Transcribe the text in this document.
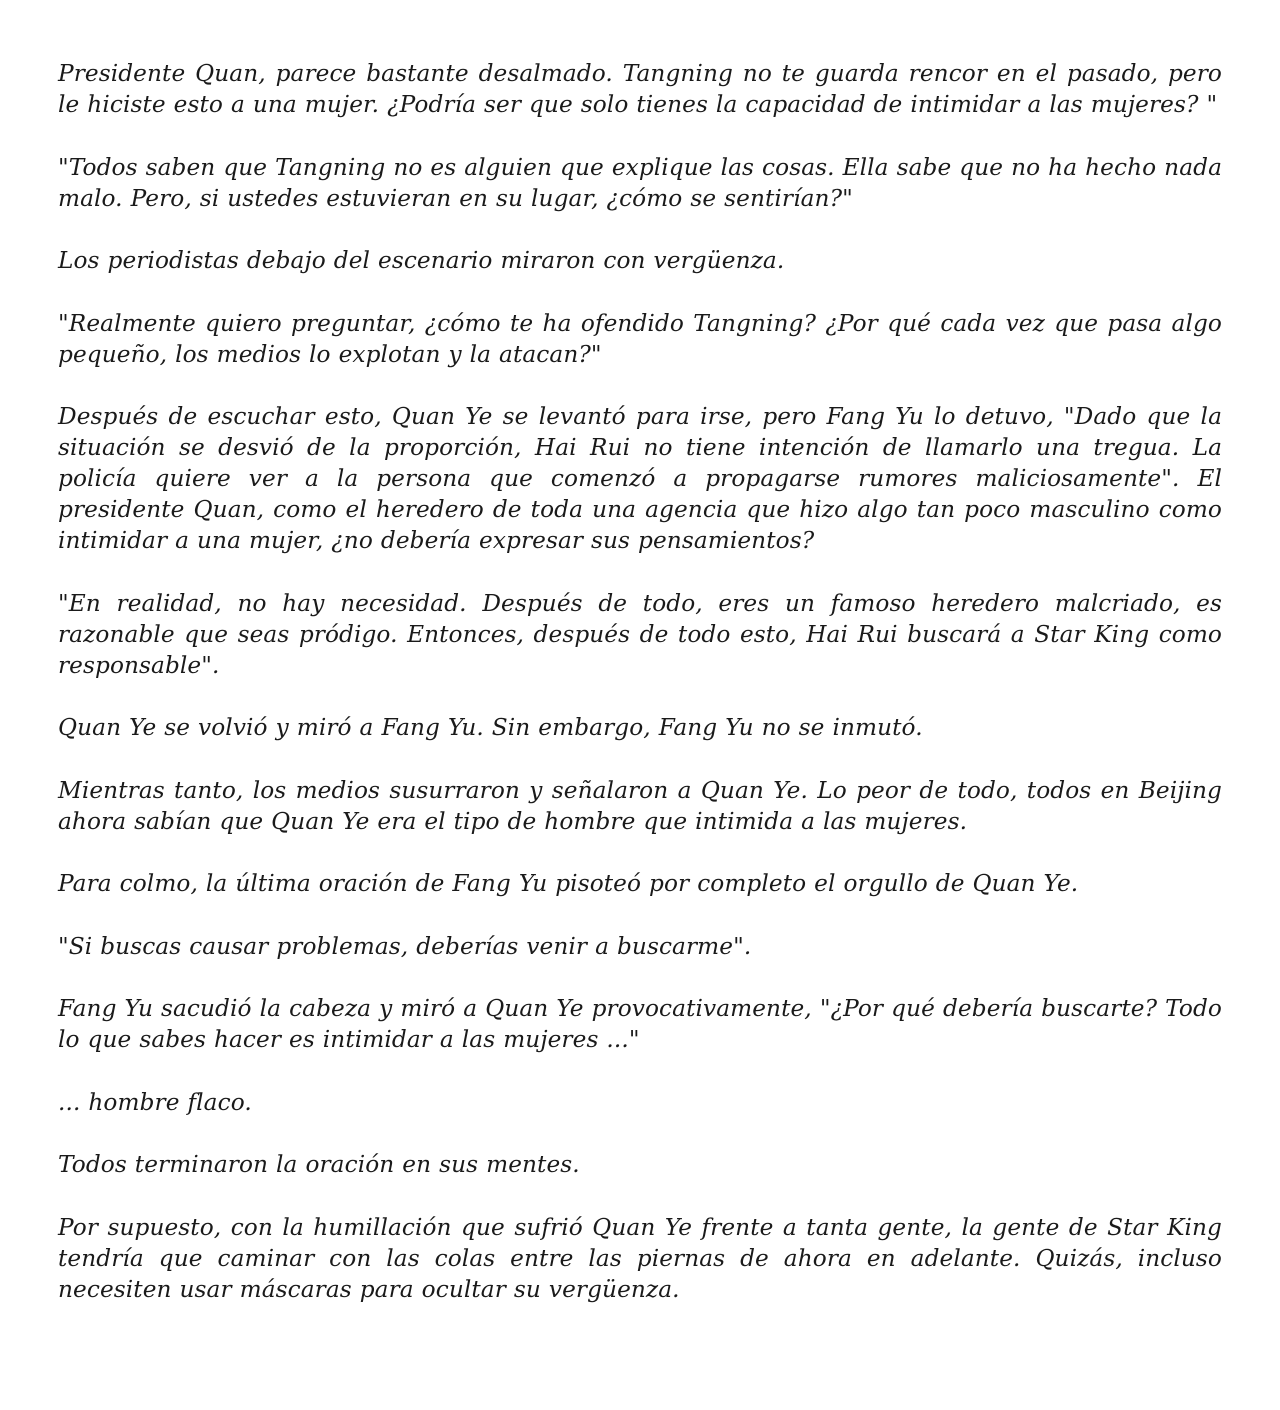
Presidente Quan, parece bastante desalmado. Tangning no te guarda rencor en el pasado, pero le hiciste esto a una mujer. ¿Podría ser que solo tienes la capacidad de intimidar a las mujeres? "

"Todos saben que Tangning no es alguien que explique las cosas. Ella sabe que no ha hecho nada malo. Pero, si ustedes estuvieran en su lugar, ¿cómo se sentirían?"

Los periodistas debajo del escenario miraron con vergüenza.

"Realmente quiero preguntar, ¿cómo te ha ofendido Tangning? ¿Por qué cada vez que pasa algo pequeño, los medios lo explotan y la atacan?"

Después de escuchar esto, Quan Ye se levantó para irse, pero Fang Yu lo detuvo, "Dado que la situación se desvió de la proporción, Hai Rui no tiene intención de llamarlo una tregua. La policía quiere ver a la persona que comenzó a propagarse rumores maliciosamente". El presidente Quan, como el heredero de toda una agencia que hizo algo tan poco masculino como intimidar a una mujer, ¿no debería expresar sus pensamientos?

"En realidad, no hay necesidad. Después de todo, eres un famoso heredero malcriado, es razonable que seas pródigo. Entonces, después de todo esto, Hai Rui buscará a Star King como responsable".

Quan Ye se volvió y miró a Fang Yu. Sin embargo, Fang Yu no se inmutó.

Mientras tanto, los medios susurraron y señalaron a Quan Ye. Lo peor de todo, todos en Beijing ahora sabían que Quan Ye era el tipo de hombre que intimida a las mujeres.

Para colmo, la última oración de Fang Yu pisoteó por completo el orgullo de Quan Ye.

"Si buscas causar problemas, deberías venir a buscarme".

Fang Yu sacudió la cabeza y miró a Quan Ye provocativamente, "¿Por qué debería buscarte? Todo lo que sabes hacer es intimidar a las mujeres ..."

... hombre flaco.

Todos terminaron la oración en sus mentes.

Por supuesto, con la humillación que sufrió Quan Ye frente a tanta gente, la gente de Star King tendría que caminar con las colas entre las piernas de ahora en adelante. Quizás, incluso necesiten usar máscaras para ocultar su vergüenza.
